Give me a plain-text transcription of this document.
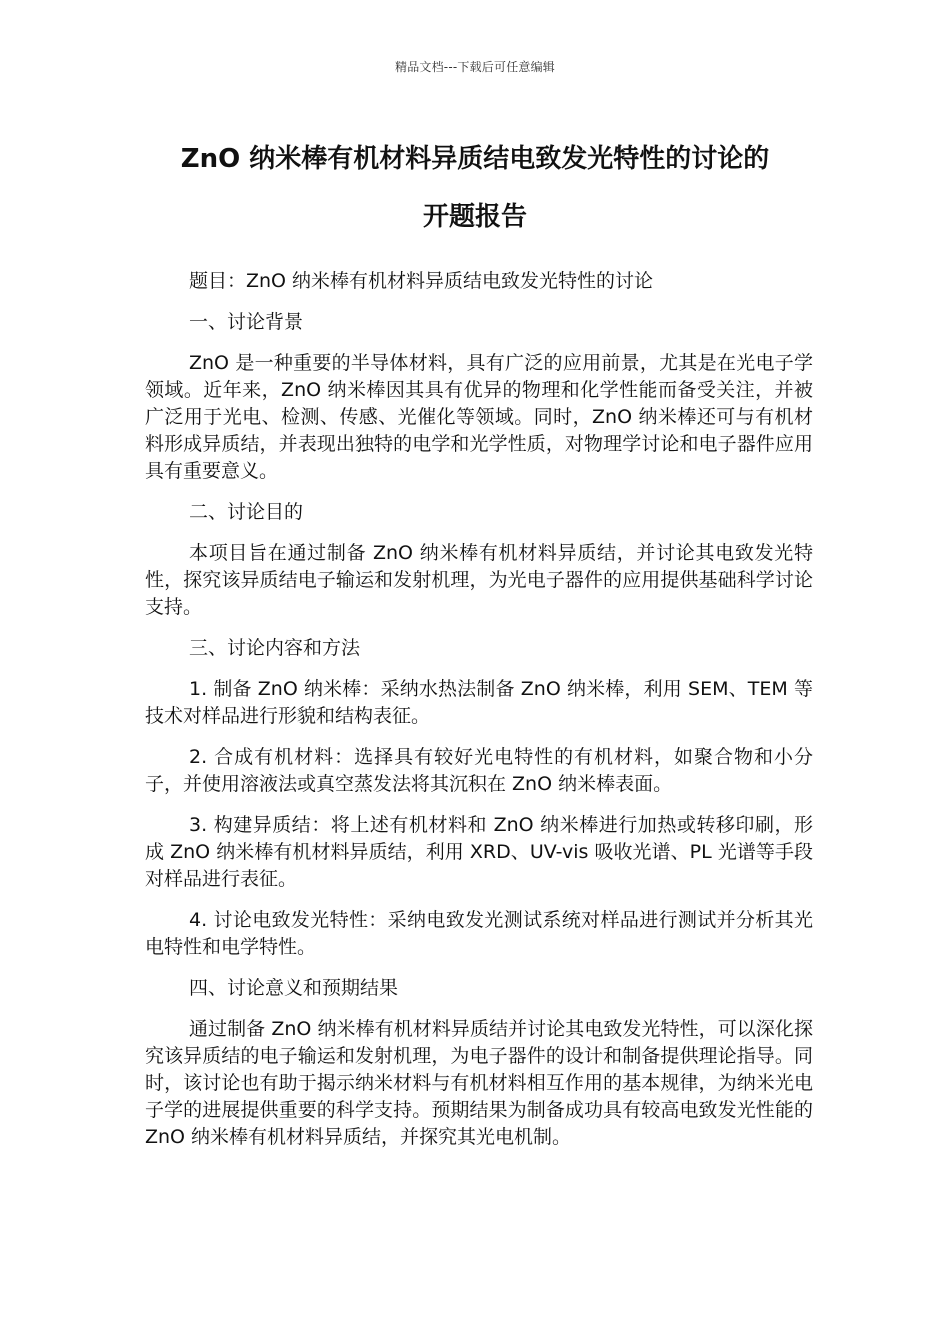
精品文档---下载后可任意编辑
ZnO 纳米棒有机材料异质结电致发光特性的讨论的
开题报告

题目：ZnO 纳米棒有机材料异质结电致发光特性的讨论

一、讨论背景

ZnO 是一种重要的半导体材料，具有广泛的应用前景，尤其是在光电子学领域。近年来，ZnO 纳米棒因其具有优异的物理和化学性能而备受关注，并被广泛用于光电、检测、传感、光催化等领域。同时，ZnO 纳米棒还可与有机材料形成异质结，并表现出独特的电学和光学性质，对物理学讨论和电子器件应用具有重要意义。

二、讨论目的

本项目旨在通过制备 ZnO 纳米棒有机材料异质结，并讨论其电致发光特性，探究该异质结电子输运和发射机理，为光电子器件的应用提供基础科学讨论支持。

三、讨论内容和方法

1. 制备 ZnO 纳米棒：采纳水热法制备 ZnO 纳米棒，利用 SEM、TEM 等技术对样品进行形貌和结构表征。

2. 合成有机材料：选择具有较好光电特性的有机材料，如聚合物和小分子，并使用溶液法或真空蒸发法将其沉积在 ZnO 纳米棒表面。

3. 构建异质结：将上述有机材料和 ZnO 纳米棒进行加热或转移印刷，形成 ZnO 纳米棒有机材料异质结，利用 XRD、UV-vis 吸收光谱、PL 光谱等手段对样品进行表征。

4. 讨论电致发光特性：采纳电致发光测试系统对样品进行测试并分析其光电特性和电学特性。

四、讨论意义和预期结果

通过制备 ZnO 纳米棒有机材料异质结并讨论其电致发光特性，可以深化探究该异质结的电子输运和发射机理，为电子器件的设计和制备提供理论指导。同时，该讨论也有助于揭示纳米材料与有机材料相互作用的基本规律，为纳米光电子学的进展提供重要的科学支持。预期结果为制备成功具有较高电致发光性能的 ZnO 纳米棒有机材料异质结，并探究其光电机制。
